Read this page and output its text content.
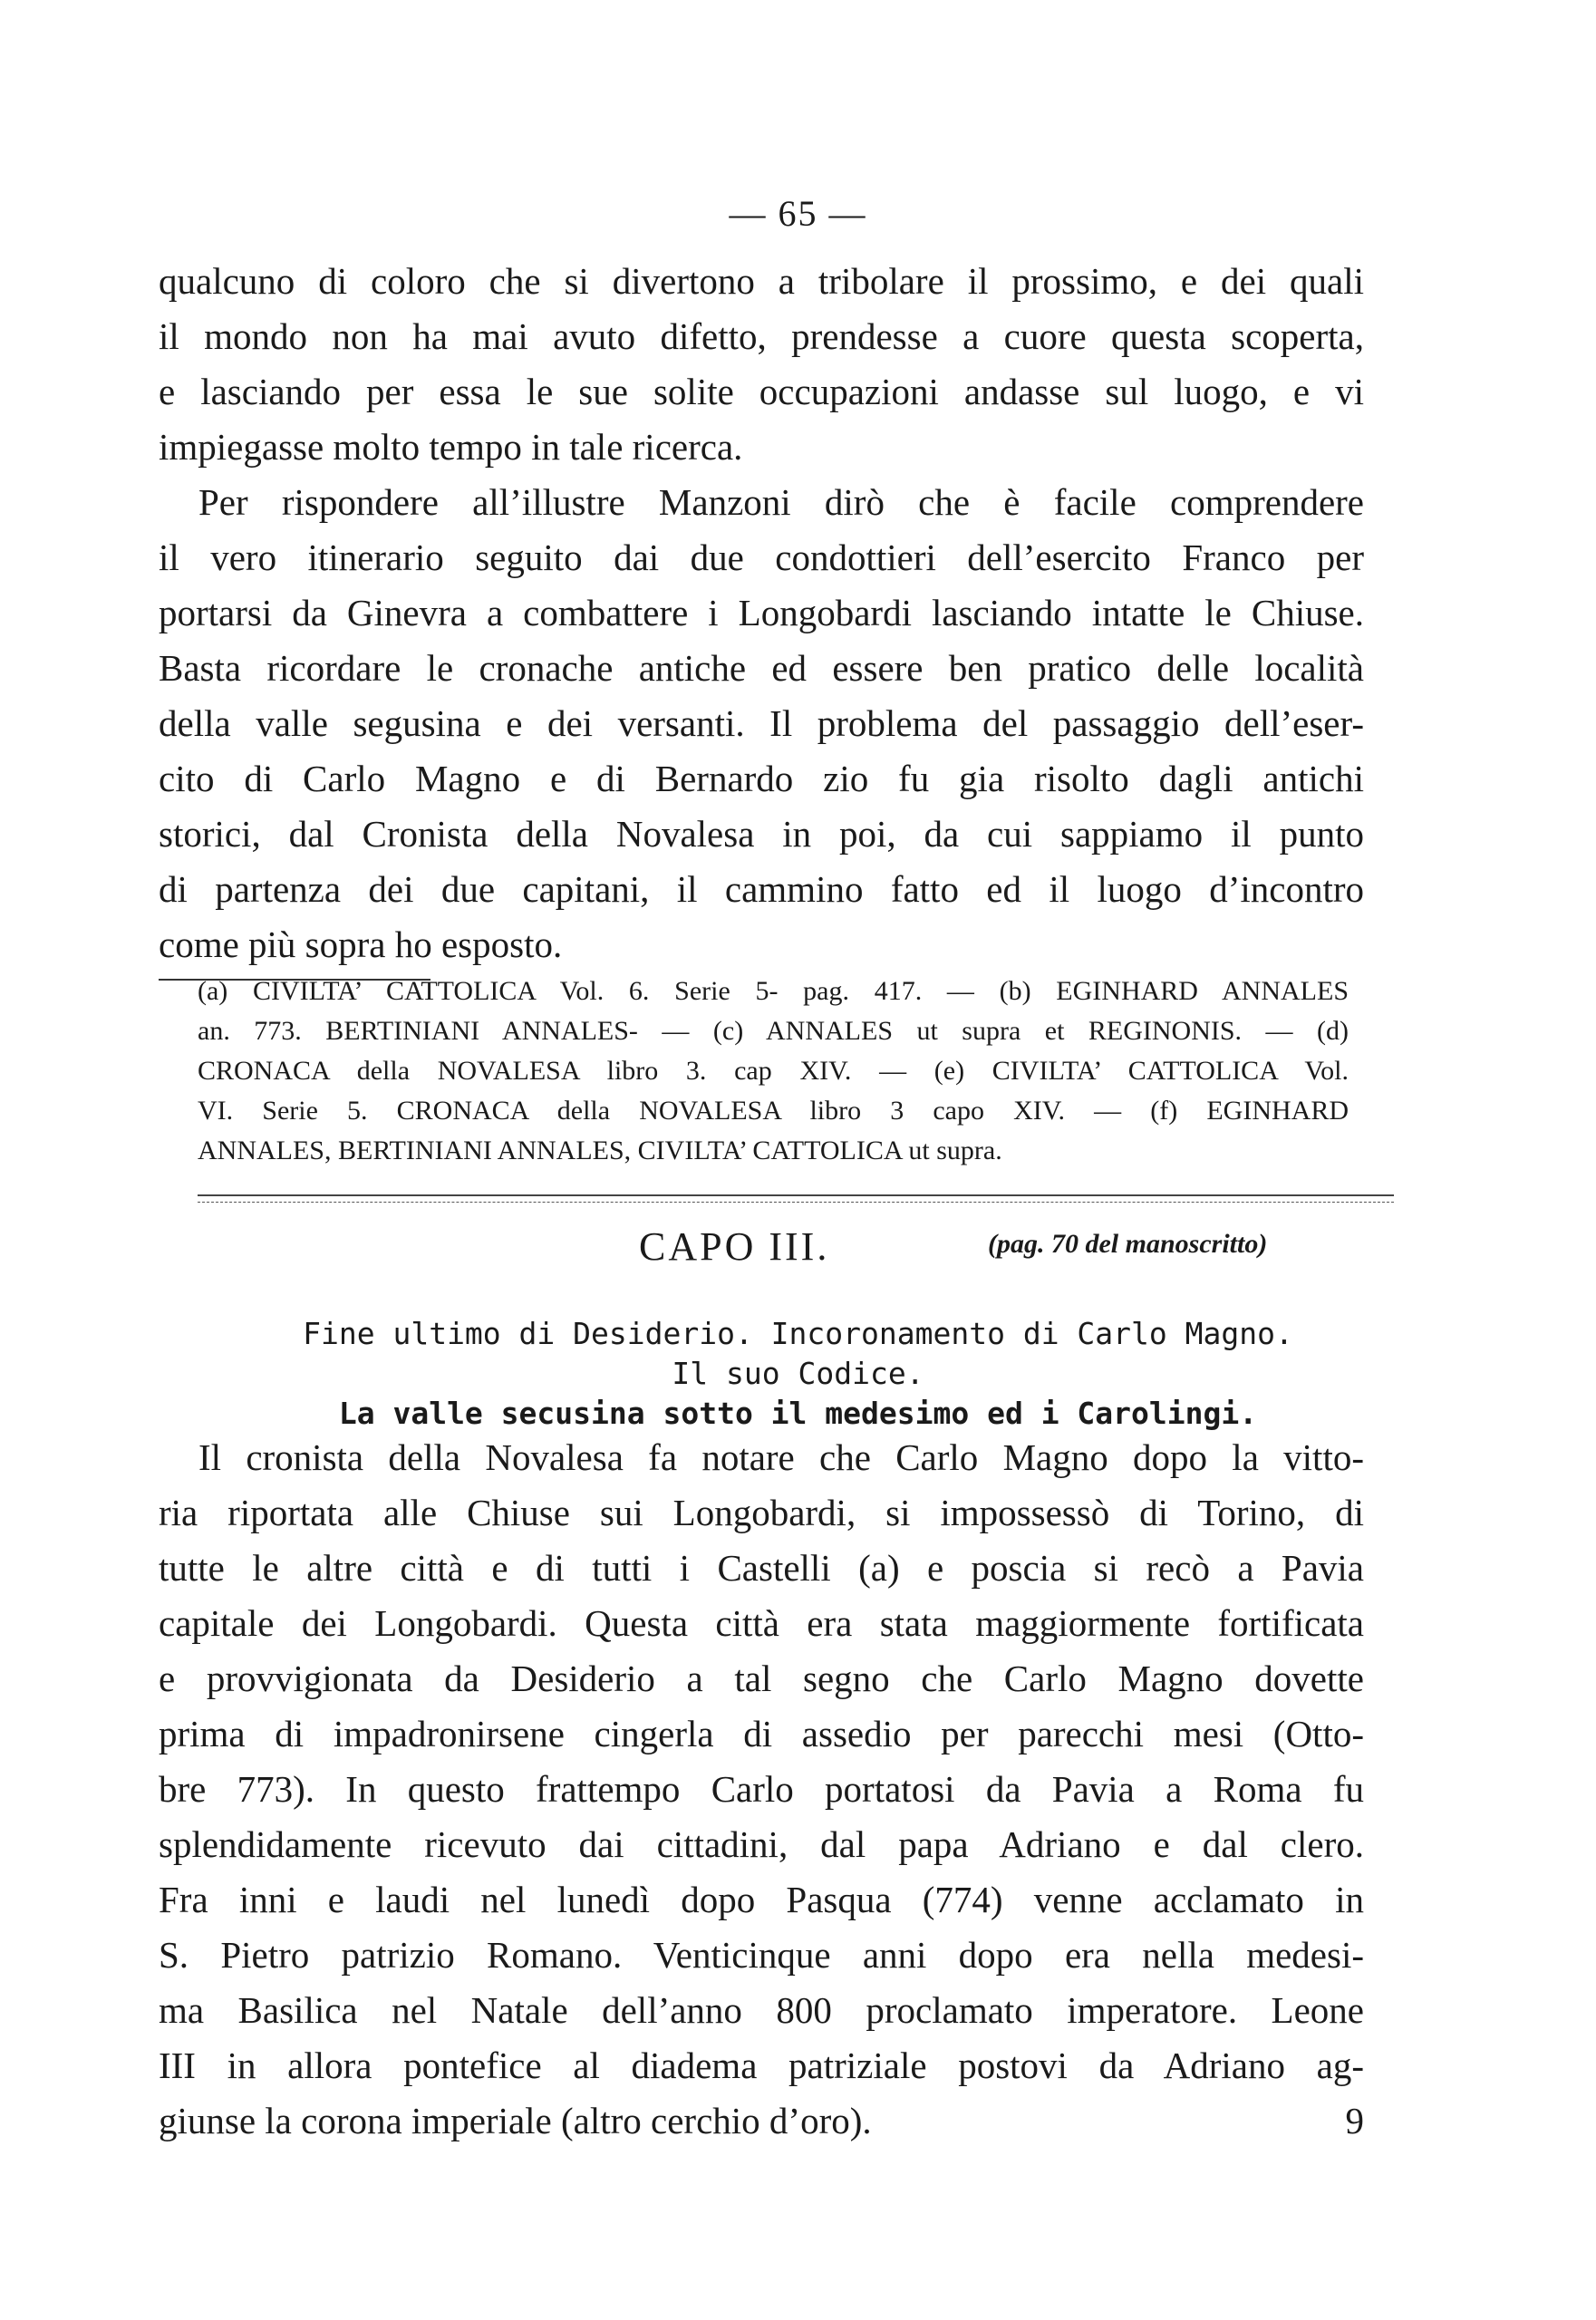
— 65 —
qualcuno di coloro che si divertono a tribolare il prossimo, e dei quali
il mondo non ha mai avuto difetto, prendesse a cuore questa scoperta,
e lasciando per essa le sue solite occupazioni andasse sul luogo, e vi
impiegasse molto tempo in tale ricerca.
Per rispondere all’illustre Manzoni dirò che è facile comprendere
il vero itinerario seguito dai due condottieri dell’esercito Franco per
portarsi da Ginevra a combattere i Longobardi lasciando intatte le Chiuse.
Basta ricordare le cronache antiche ed essere ben pratico delle località
della valle segusina e dei versanti. Il problema del passaggio dell’eser-
cito di Carlo Magno e di Bernardo zio fu gia risolto dagli antichi
storici, dal Cronista della Novalesa in poi, da cui sappiamo il punto
di partenza dei due capitani, il cammino fatto ed il luogo d’incontro
come più sopra ho esposto.
(a) CIVILTA’ CATTOLICA Vol. 6. Serie 5- pag. 417. — (b) EGINHARD ANNALES
an. 773. BERTINIANI ANNALES- — (c) ANNALES ut supra et REGINONIS. — (d)
CRONACA della NOVALESA libro 3. cap XIV. — (e) CIVILTA’ CATTOLICA Vol.
VI. Serie 5. CRONACA della NOVALESA libro 3 capo XIV. — (f) EGINHARD
ANNALES, BERTINIANI ANNALES, CIVILTA’ CATTOLICA ut supra.
CAPO III.	(pag. 70 del manoscritto)
Fine ultimo di Desiderio. Incoronamento di Carlo Magno.
Il suo Codice.
La valle secusina sotto il medesimo ed i Carolingi.
Il cronista della Novalesa fa notare che Carlo Magno dopo la vitto-
ria riportata alle Chiuse sui Longobardi, si impossessò di Torino, di
tutte le altre città e di tutti i Castelli (a) e poscia si recò a Pavia
capitale dei Longobardi. Questa città era stata maggiormente fortificata
e provvigionata da Desiderio a tal segno che Carlo Magno dovette
prima di impadronirsene cingerla di assedio per parecchi mesi (Otto-
bre 773). In questo frattempo Carlo portatosi da Pavia a Roma fu
splendidamente ricevuto dai cittadini, dal papa Adriano e dal clero.
Fra inni e laudi nel lunedì dopo Pasqua (774) venne acclamato in
S. Pietro patrizio Romano. Venticinque anni dopo era nella medesi-
ma Basilica nel Natale dell’anno 800 proclamato imperatore. Leone
III in allora pontefice al diadema patriziale postovi da Adriano ag-
giunse la corona imperiale (altro cerchio d’oro).	9
